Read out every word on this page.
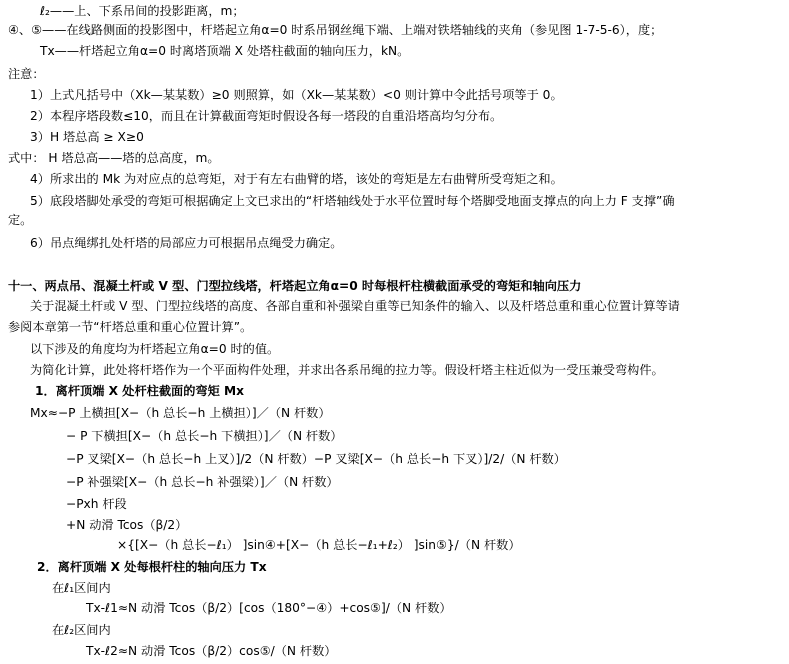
ℓ₂——上、下系吊间的投影距离，m；
④、⑤——在线路侧面的投影图中，杆塔起立角α=0 时系吊钢丝绳下端、上端对铁塔轴线的夹角（参见图 1-7-5-6），度；
Tx——杆塔起立角α=0 时离塔顶端 X 处塔柱截面的轴向压力，kN。
注意：
1）上式凡括号中（Xk—某某数）≥0 则照算，如（Xk—某某数）<0 则计算中令此括号项等于 0。
2）本程序塔段数≤10，而且在计算截面弯矩时假设各每一塔段的自重沿塔高均匀分布。
3）H 塔总高 ≥ X≥0
式中： H 塔总高——塔的总高度，m。
4）所求出的 Mk 为对应点的总弯矩，对于有左右曲臂的塔，该处的弯矩是左右曲臂所受弯矩之和。
5）底段塔脚处承受的弯矩可根据确定上文已求出的“杆塔轴线处于水平位置时每个塔脚受地面支撑点的向上力 F 支撑”确
定。
6）吊点绳绑扎处杆塔的局部应力可根据吊点绳受力确定。
十一、两点吊、混凝土杆或 V 型、门型拉线塔，杆塔起立角α=0 时每根杆柱横截面承受的弯矩和轴向压力
关于混凝土杆或 V 型、门型拉线塔的高度、各部自重和补强梁自重等已知条件的输入、以及杆塔总重和重心位置计算等请
参阅本章第一节“杆塔总重和重心位置计算”。
以下涉及的角度均为杆塔起立角α=0 时的值。
为简化计算，此处将杆塔作为一个平面构件处理，并求出各系吊绳的拉力等。假设杆塔主柱近似为一受压兼受弯构件。
1．离杆顶端 X 处杆柱截面的弯矩 Mx
Mx≈−P 上横担[X−（h 总长−h 上横担）]／（N 杆数）
− P 下横担[X−（h 总长−h 下横担）]／（N 杆数）
−P 叉梁[X−（h 总长−h 上叉）]/2（N 杆数）−P 叉梁[X−（h 总长−h 下叉）]/2/（N 杆数）
−P 补强梁[X−（h 总长−h 补强梁）]／（N 杆数）
−Pxh 杆段
+N 动滑 Tcos（β/2）
×{[X−（h 总长−ℓ₁） ]sin④+[X−（h 总长−ℓ₁+ℓ₂） ]sin⑤}/（N 杆数）
2．离杆顶端 X 处每根杆柱的轴向压力 Tx
在ℓ₁区间内
Tx-ℓ1≈N 动滑 Tcos（β/2）[cos（180°−④）+cos⑤]/（N 杆数）
在ℓ₂区间内
Tx-ℓ2≈N 动滑 Tcos（β/2）cos⑤/（N 杆数）
